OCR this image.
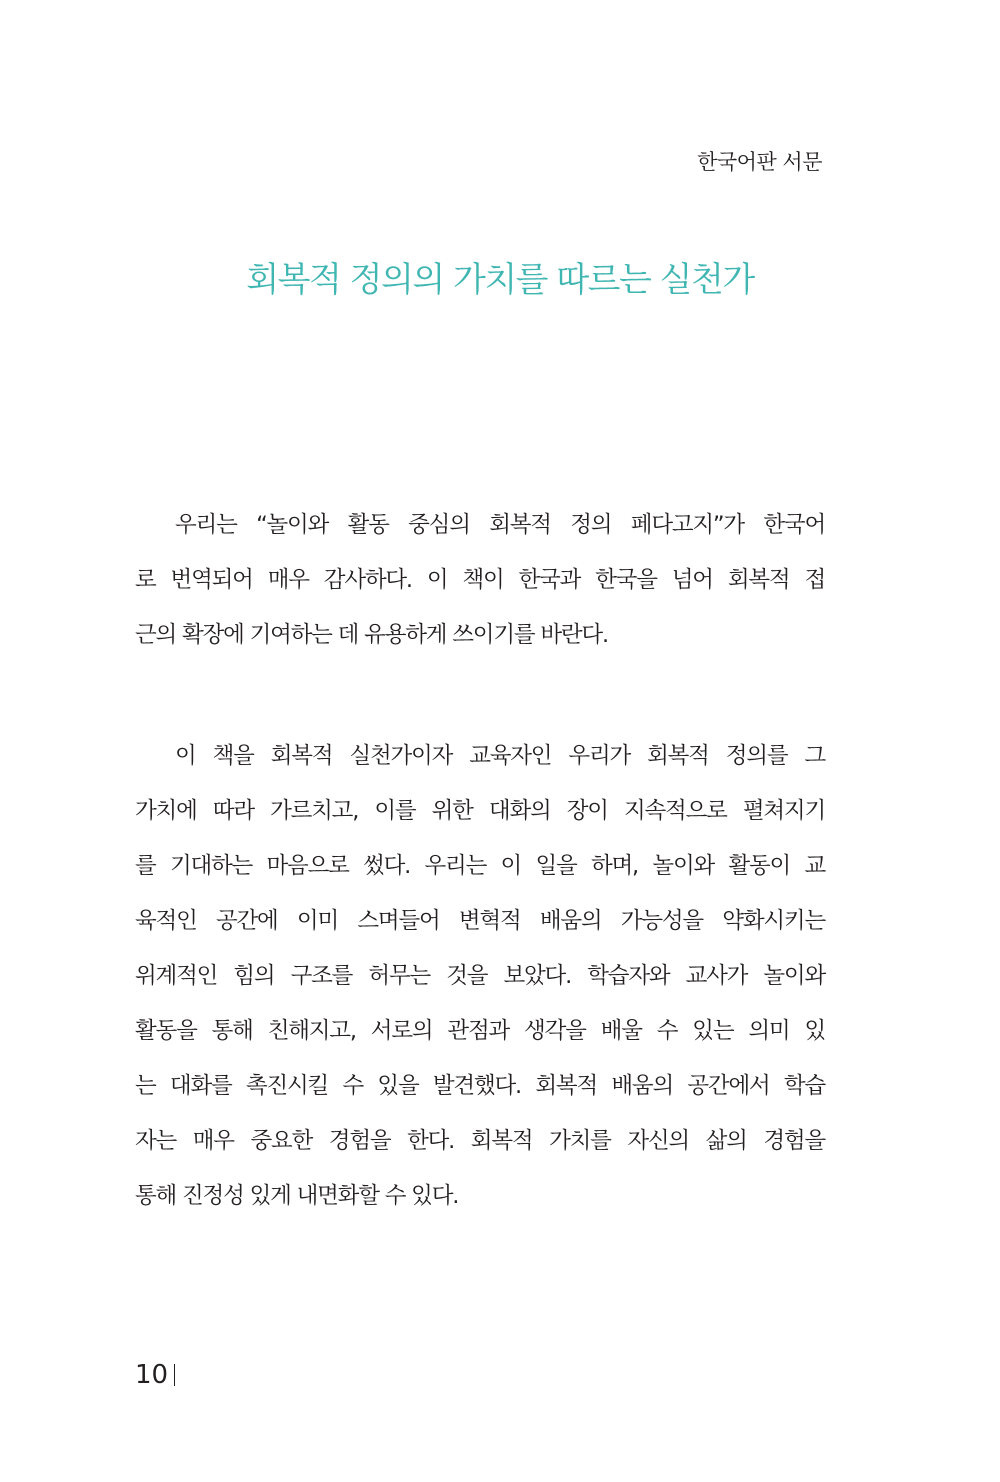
한국어판 서문
회복적 정의의 가치를 따르는 실천가
우리는 “놀이와 활동 중심의 회복적 정의 페다고지”가 한국어
로 번역되어 매우 감사하다. 이 책이 한국과 한국을 넘어 회복적 접
근의 확장에 기여하는 데 유용하게 쓰이기를 바란다.
이 책을 회복적 실천가이자 교육자인 우리가 회복적 정의를 그
가치에 따라 가르치고, 이를 위한 대화의 장이 지속적으로 펼쳐지기
를 기대하는 마음으로 썼다. 우리는 이 일을 하며, 놀이와 활동이 교
육적인 공간에 이미 스며들어 변혁적 배움의 가능성을 약화시키는
위계적인 힘의 구조를 허무는 것을 보았다. 학습자와 교사가 놀이와
활동을 통해 친해지고, 서로의 관점과 생각을 배울 수 있는 의미 있
는 대화를 촉진시킬 수 있을 발견했다. 회복적 배움의 공간에서 학습
자는 매우 중요한 경험을 한다. 회복적 가치를 자신의 삶의 경험을
통해 진정성 있게 내면화할 수 있다.
10
